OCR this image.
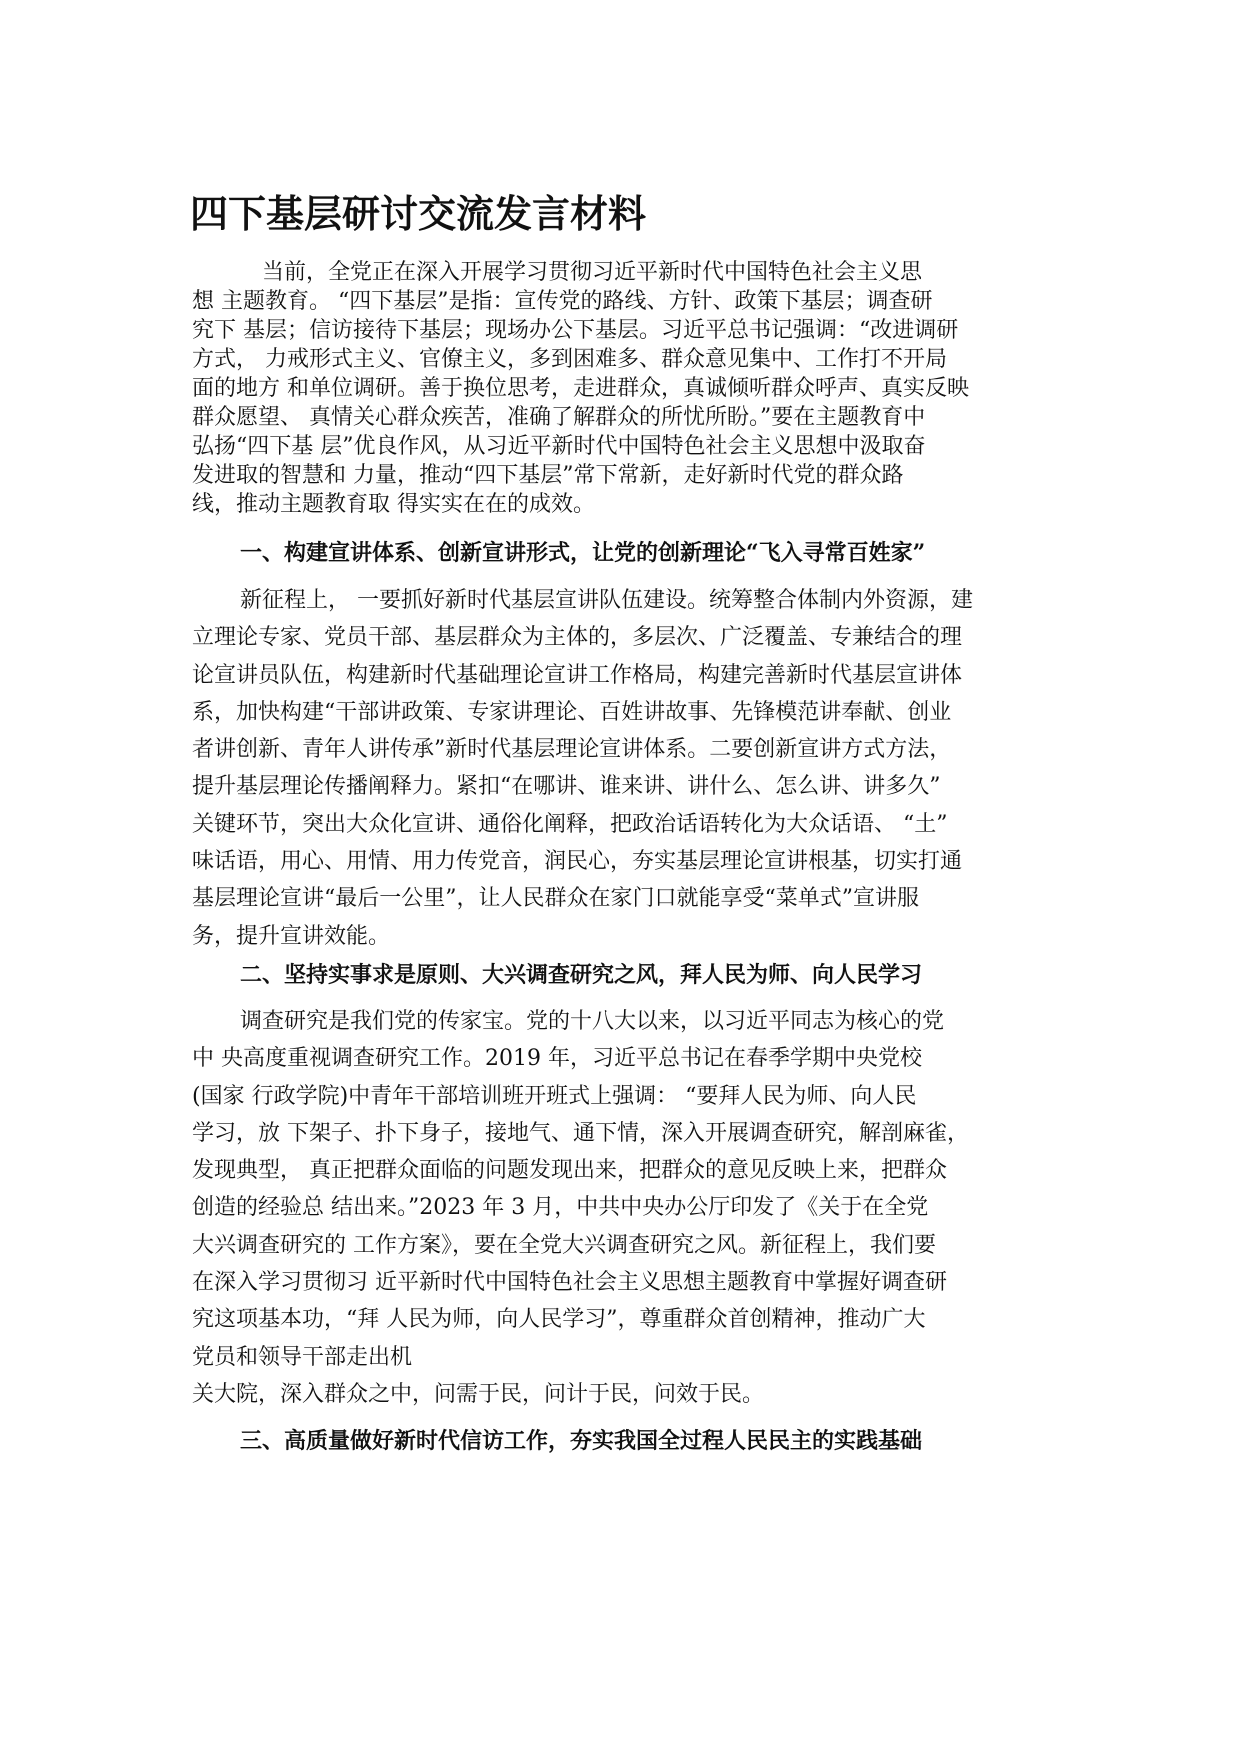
四下基层研讨交流发言材料

当前，全党正在深入开展学习贯彻习近平新时代中国特色社会主义思

想 主题教育。 “四下基层”是指：宣传党的路线、方针、政策下基层；调查研

究下 基层；信访接待下基层；现场办公下基层。习近平总书记强调：“改进调研

方式， 力戒形式主义、官僚主义，多到困难多、群众意见集中、工作打不开局

面的地方 和单位调研。善于换位思考，走进群众，真诚倾听群众呼声、真实反映

群众愿望、 真情关心群众疾苦，准确了解群众的所忧所盼。”要在主题教育中

弘扬“四下基 层”优良作风，从习近平新时代中国特色社会主义思想中汲取奋

发进取的智慧和 力量，推动“四下基层”常下常新，走好新时代党的群众路

线，推动主题教育取 得实实在在的成效。

一、构建宣讲体系、创新宣讲形式，让党的创新理论“飞入寻常百姓家”

新征程上， 一要抓好新时代基层宣讲队伍建设。统筹整合体制内外资源，建

立理论专家、党员干部、基层群众为主体的，多层次、广泛覆盖、专兼结合的理

论宣讲员队伍，构建新时代基础理论宣讲工作格局，构建完善新时代基层宣讲体

系，加快构建“干部讲政策、专家讲理论、百姓讲故事、先锋模范讲奉献、创业

者讲创新、青年人讲传承”新时代基层理论宣讲体系。二要创新宣讲方式方法，

提升基层理论传播阐释力。紧扣“在哪讲、谁来讲、讲什么、怎么讲、讲多久”

关键环节，突出大众化宣讲、通俗化阐释，把政治话语转化为大众话语、 “土”

味话语，用心、用情、用力传党音，润民心，夯实基层理论宣讲根基，切实打通

基层理论宣讲“最后一公里”，让人民群众在家门口就能享受“菜单式”宣讲服

务，提升宣讲效能。

二、坚持实事求是原则、大兴调查研究之风，拜人民为师、向人民学习

调查研究是我们党的传家宝。党的十八大以来，以习近平同志为核心的党

中 央高度重视调查研究工作。2019 年，习近平总书记在春季学期中央党校

(国家 行政学院)中青年干部培训班开班式上强调： “要拜人民为师、向人民

学习，放 下架子、扑下身子，接地气、通下情，深入开展调查研究，解剖麻雀，

发现典型， 真正把群众面临的问题发现出来，把群众的意见反映上来，把群众

创造的经验总 结出来。”2023 年 3 月，中共中央办公厅印发了《关于在全党

大兴调查研究的 工作方案》，要在全党大兴调查研究之风。新征程上，我们要

在深入学习贯彻习 近平新时代中国特色社会主义思想主题教育中掌握好调查研

究这项基本功，“拜 人民为师，向人民学习”，尊重群众首创精神，推动广大

党员和领导干部走出机

关大院，深入群众之中，问需于民，问计于民，问效于民。

三、高质量做好新时代信访工作，夯实我国全过程人民民主的实践基础
